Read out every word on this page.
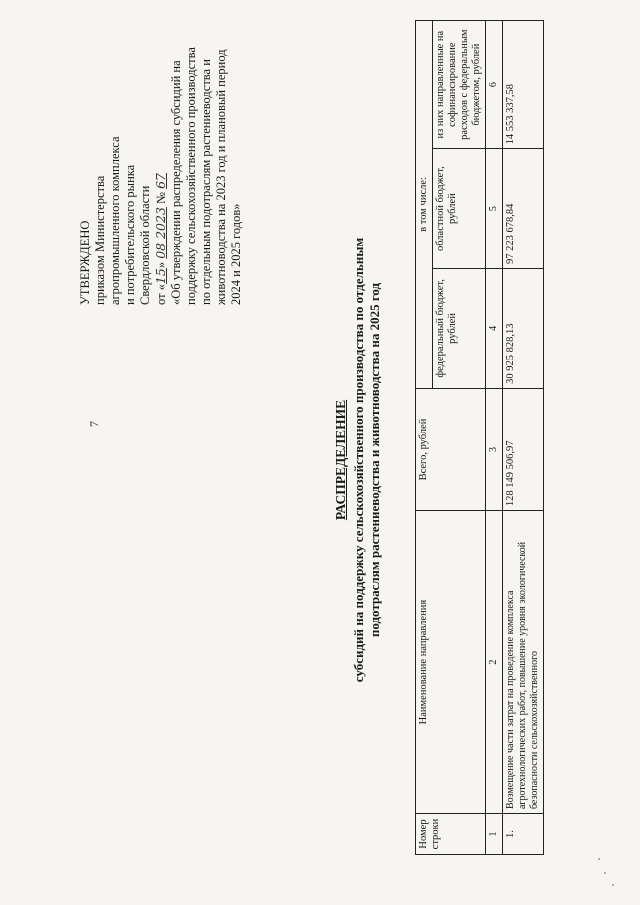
7
УТВЕРЖДЕНО приказом Министерства агропромышленного комплекса и потребительского рынка Свердловской области от «15» 08 2023 № 67 «Об утверждении распределения субсидий на поддержку сельскохозяйственного производства по отдельным подотраслям растениеводства и животноводства на 2023 год и плановый период 2024 и 2025 годов»
РАСПРЕДЕЛЕНИЕ субсидий на поддержку сельскохозяйственного производства по отдельным подотраслям растениеводства и животноводства на 2025 год
Номер строки	Наименование направления	Всего, рублей	в том числе:		
			федеральный бюджет, рублей	областной бюджет, рублей	из них направленные на софинансирование расходов с федеральным бюджетом, рублей
1	2	3	4	5	6
1.	Возмещение части затрат на проведение комплекса агротехнологических работ, повышение уровня экологической безопасности сельскохозяйственного	128 149 506,97	30 925 828,13	97 223 678,84	14 553 337,58
